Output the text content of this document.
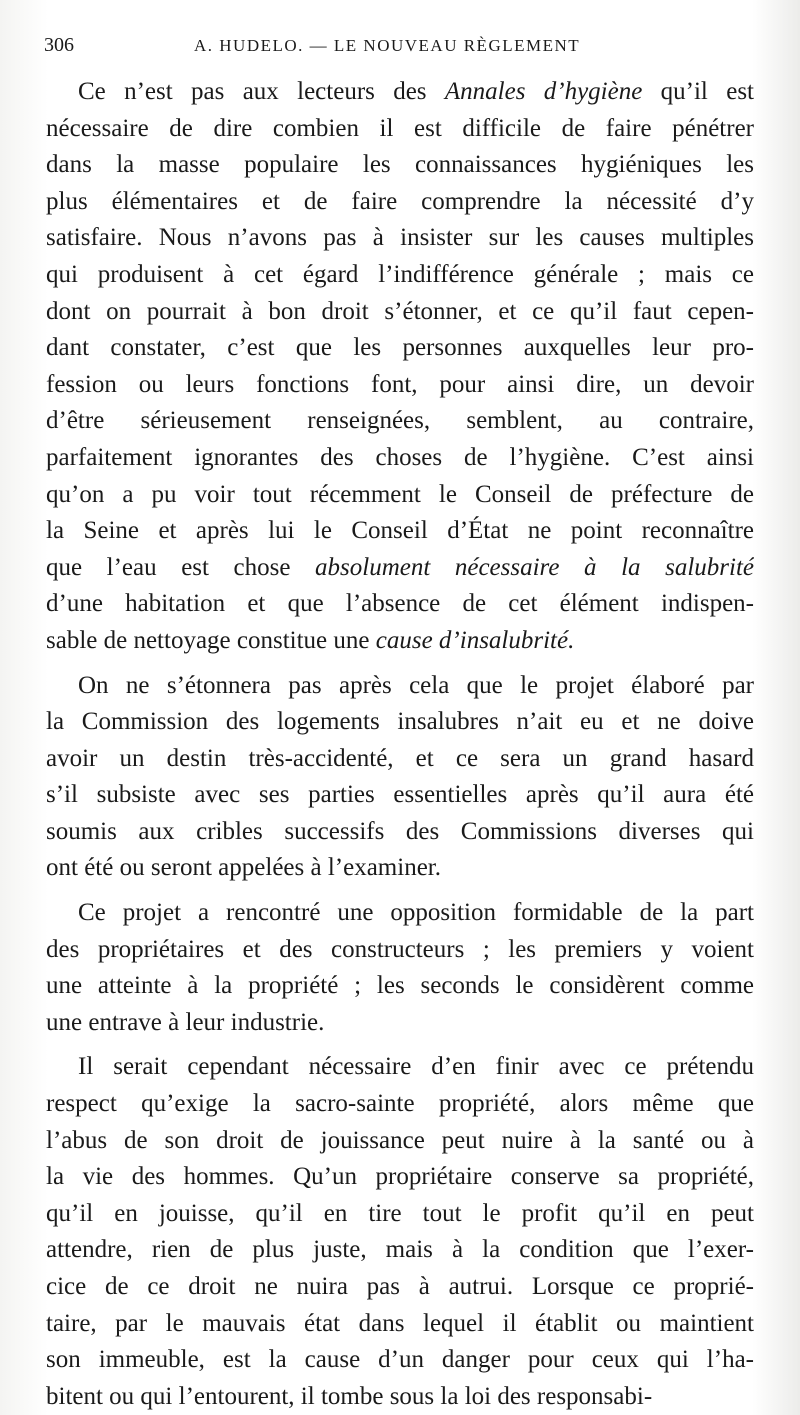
306	A. HUDELO. — LE NOUVEAU RÈGLEMENT
Ce n’est pas aux lecteurs des Annales d’hygiène qu’il est
nécessaire de dire combien il est difficile de faire pénétrer
dans la masse populaire les connaissances hygiéniques les
plus élémentaires et de faire comprendre la nécessité d’y
satisfaire. Nous n’avons pas à insister sur les causes multiples
qui produisent à cet égard l’indifférence générale ; mais ce
dont on pourrait à bon droit s’étonner, et ce qu’il faut cepen-
dant constater, c’est que les personnes auxquelles leur pro-
fession ou leurs fonctions font, pour ainsi dire, un devoir
d’être sérieusement renseignées, semblent, au contraire,
parfaitement ignorantes des choses de l’hygiène. C’est ainsi
qu’on a pu voir tout récemment le Conseil de préfecture de
la Seine et après lui le Conseil d’État ne point reconnaître
que l’eau est chose absolument nécessaire à la salubrité
d’une habitation et que l’absence de cet élément indispen-
sable de nettoyage constitue une cause d’insalubrité.
On ne s’étonnera pas après cela que le projet élaboré par
la Commission des logements insalubres n’ait eu et ne doive
avoir un destin très-accidenté, et ce sera un grand hasard
s’il subsiste avec ses parties essentielles après qu’il aura été
soumis aux cribles successifs des Commissions diverses qui
ont été ou seront appelées à l’examiner.
Ce projet a rencontré une opposition formidable de la part
des propriétaires et des constructeurs ; les premiers y voient
une atteinte à la propriété ; les seconds le considèrent comme
une entrave à leur industrie.
Il serait cependant nécessaire d’en finir avec ce prétendu
respect qu’exige la sacro-sainte propriété, alors même que
l’abus de son droit de jouissance peut nuire à la santé ou à
la vie des hommes. Qu’un propriétaire conserve sa propriété,
qu’il en jouisse, qu’il en tire tout le profit qu’il en peut
attendre, rien de plus juste, mais à la condition que l’exer-
cice de ce droit ne nuira pas à autrui. Lorsque ce proprié-
taire, par le mauvais état dans lequel il établit ou maintient
son immeuble, est la cause d’un danger pour ceux qui l’ha-
bitent ou qui l’entourent, il tombe sous la loi des responsabi-
